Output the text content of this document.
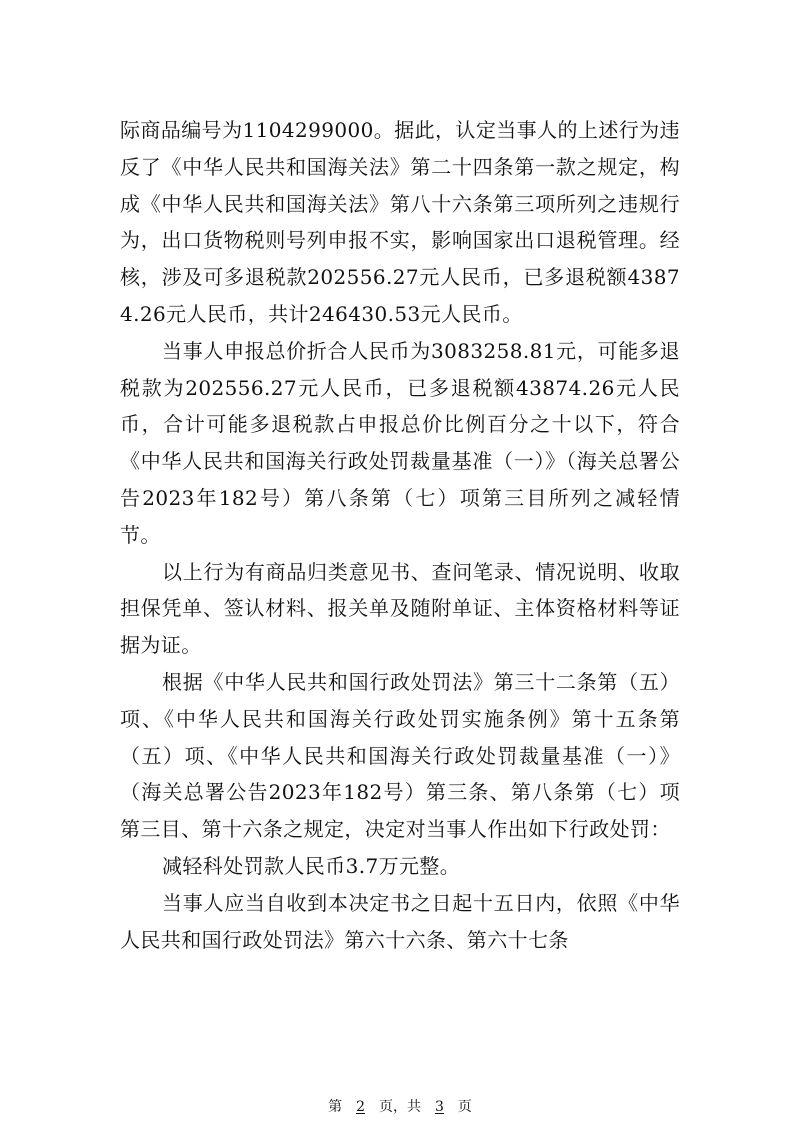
际商品编号为1104299000。据此，认定当事人的上述行为违反了《中华人民共和国海关法》第二十四条第一款之规定，构成《中华人民共和国海关法》第八十六条第三项所列之违规行为，出口货物税则号列申报不实，影响国家出口退税管理。经核，涉及可多退税款202556.27元人民币，已多退税额43874.26元人民币，共计246430.53元人民币。

当事人申报总价折合人民币为3083258.81元，可能多退税款为202556.27元人民币，已多退税额43874.26元人民币，合计可能多退税款占申报总价比例百分之十以下，符合《中华人民共和国海关行政处罚裁量基准（一）》（海关总署公告2023年182号）第八条第（七）项第三目所列之减轻情节。

以上行为有商品归类意见书、查问笔录、情况说明、收取担保凭单、签认材料、报关单及随附单证、主体资格材料等证据为证。

根据《中华人民共和国行政处罚法》第三十二条第（五）项、《中华人民共和国海关行政处罚实施条例》第十五条第（五）项、《中华人民共和国海关行政处罚裁量基准（一）》（海关总署公告2023年182号）第三条、第八条第（七）项第三目、第十六条之规定，决定对当事人作出如下行政处罚：

减轻科处罚款人民币3.7万元整。

当事人应当自收到本决定书之日起十五日内，依照《中华人民共和国行政处罚法》第六十六条、第六十七条

第 2 页，共 3 页
